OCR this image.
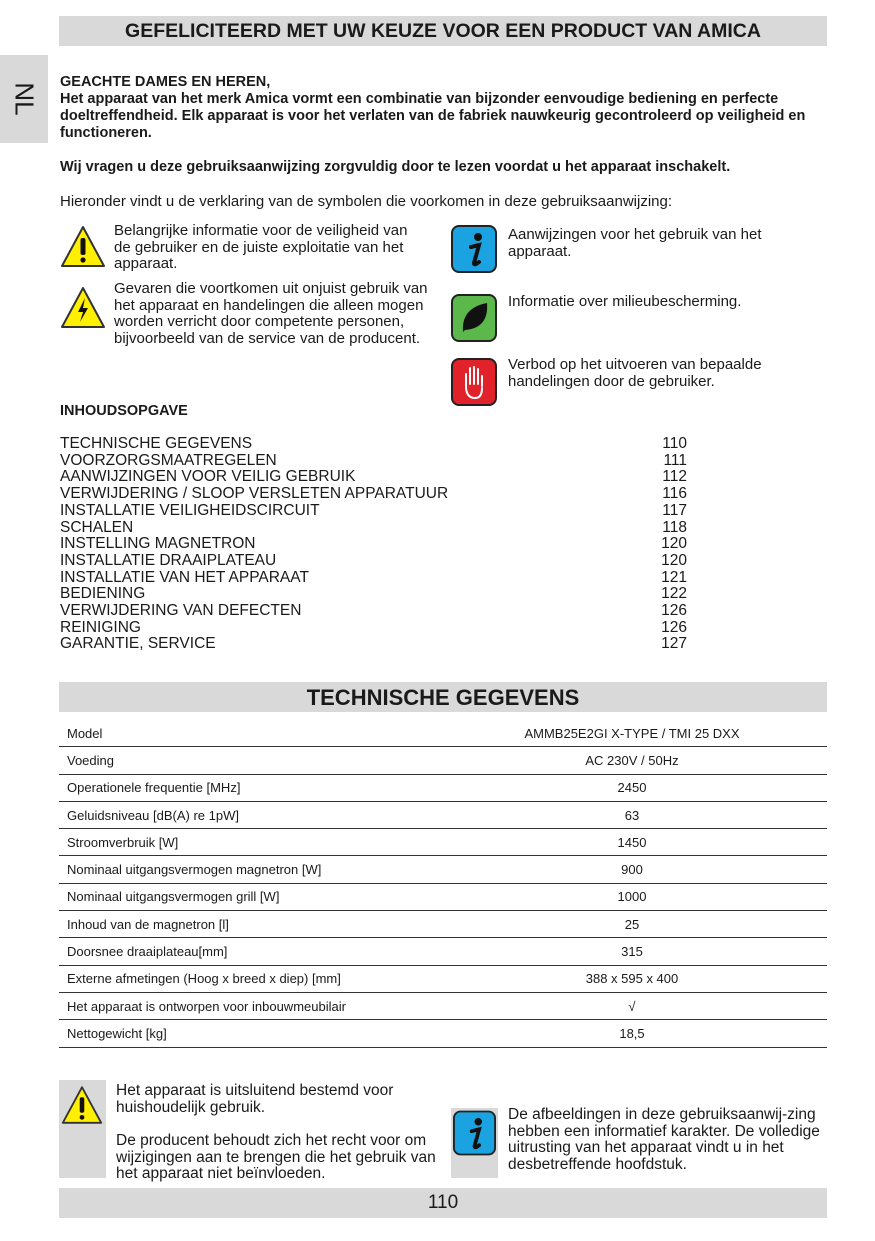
GEFELICITEERD MET UW KEUZE VOOR EEN PRODUCT VAN AMICA
NL
GEACHTE DAMES EN HEREN,

Het apparaat van het merk Amica vormt een combinatie van bijzonder eenvoudige bediening en perfecte doeltreffendheid. Elk apparaat is voor het verlaten van de fabriek nauwkeurig gecontroleerd op veiligheid en functioneren.

Wij vragen u deze gebruiksaanwijzing zorgvuldig door te lezen voordat u het apparaat inschakelt.

Hieronder vindt u de verklaring van de symbolen die voorkomen in deze gebruiksaanwijzing:
Belangrijke informatie voor de veiligheid van de gebruiker en de juiste exploitatie van het apparaat.
Gevaren die voortkomen uit onjuist gebruik van het apparaat en handelingen die alleen mogen worden verricht door competente personen, bijvoorbeeld van de service van de producent.
Aanwijzingen voor het gebruik van het apparaat.
Informatie over milieubescherming.
Verbod op het uitvoeren van bepaalde handelingen door de gebruiker.
INHOUDSOPGAVE
TECHNISCHE GEGEVENS	110
VOORZORGSMAATREGELEN	111
AANWIJZINGEN VOOR VEILIG GEBRUIK	112
VERWIJDERING / SLOOP VERSLETEN APPARATUUR	116
INSTALLATIE VEILIGHEIDSCIRCUIT	117
SCHALEN	118
INSTELLING MAGNETRON	120
INSTALLATIE DRAAIPLATEAU	120
INSTALLATIE VAN HET APPARAAT	121
BEDIENING	122
VERWIJDERING VAN DEFECTEN	126
REINIGING	126
GARANTIE, SERVICE	127
TECHNISCHE GEGEVENS
Model	AMMB25E2GI X-TYPE / TMI 25 DXX
Voeding	AC 230V / 50Hz
Operationele frequentie [MHz]	2450
Geluidsniveau [dB(A) re 1pW]	63
Stroomverbruik [W]	1450
Nominaal uitgangsvermogen magnetron [W]	900
Nominaal uitgangsvermogen grill [W]	1000
Inhoud van de magnetron [l]	25
Doorsnee draaiplateau[mm]	315
Externe afmetingen (Hoog x breed x diep) [mm]	388 x 595 x 400
Het apparaat is ontworpen voor inbouwmeubilair	√
Nettogewicht [kg]	18,5
Het apparaat is uitsluitend bestemd voor huishoudelijk gebruik.
De producent behoudt zich het recht voor om wijzigingen aan te brengen die het gebruik van het apparaat niet beïnvloeden.
De afbeeldingen in deze gebruiksaanwij-zing hebben een informatief karakter. De volledige uitrusting van het apparaat vindt u in het desbetreffende hoofdstuk.
110
